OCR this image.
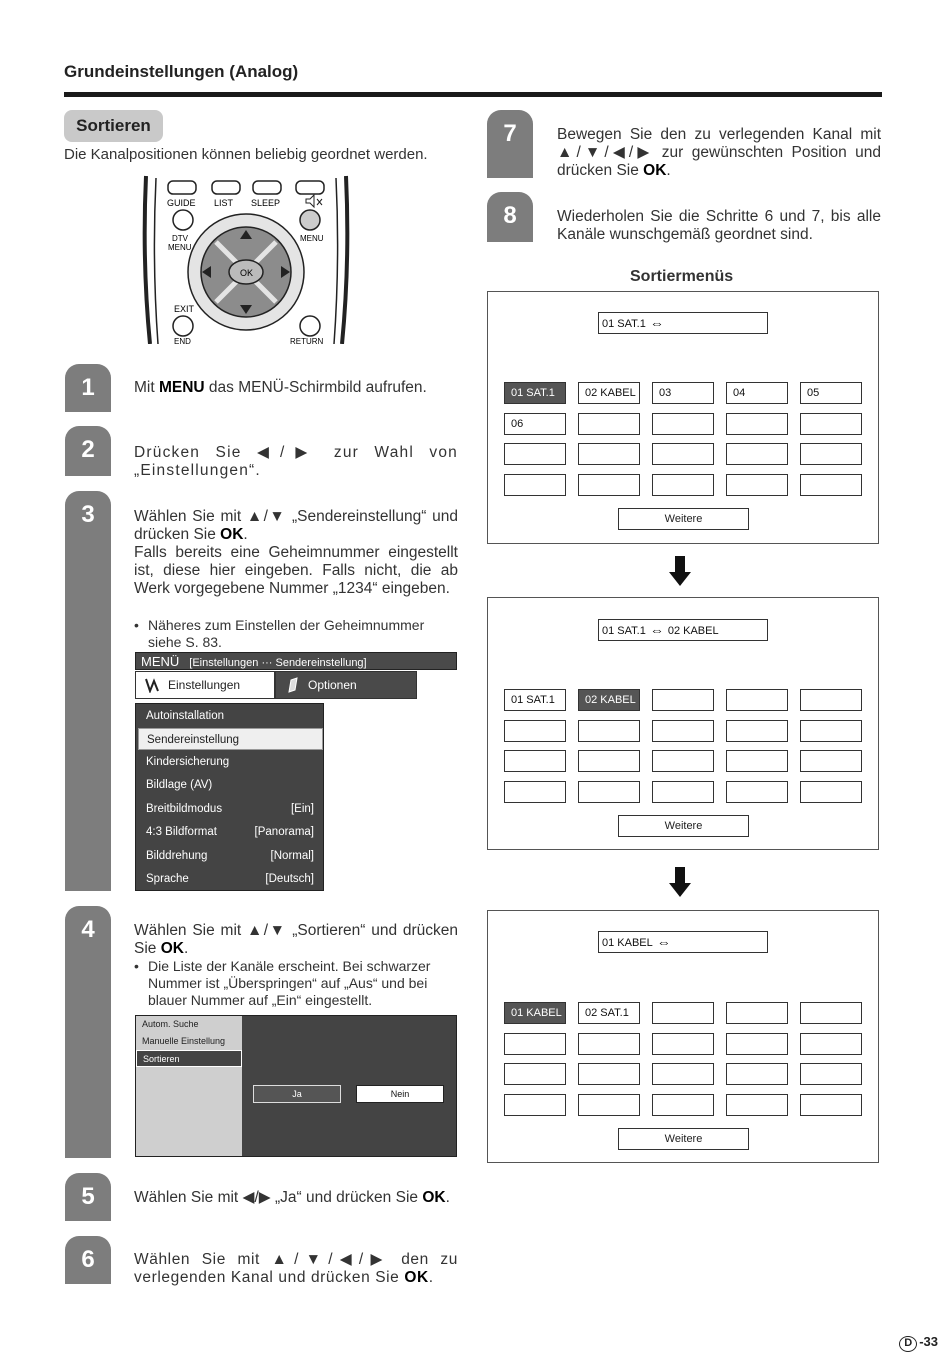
Grundeinstellungen (Analog)
Sortieren
Die Kanalpositionen können beliebig geordnet werden.
GUIDE LIST SLEEP
DTV
MENU
MENU
OK
EXIT
END	RETURN
1
2
3
4
5
6
Mit MENU das MENÜ-Schirmbild aufrufen.
Drücken Sie ◀/▶ zur Wahl von „Einstellungen“.
Wählen Sie mit ▲/▼ „Sendereinstellung“ und drücken Sie OK.
Falls bereits eine Geheimnummer eingestellt ist, diese hier eingeben. Falls nicht, die ab Werk vorgegebene Nummer „1234“ eingeben.
• Näheres zum Einstellen der Geheimnummer siehe S. 83.
MENÜ [Einstellungen ··· Sendereinstellung]
Einstellungen	Optionen
Autoinstallation
Sendereinstellung
Kindersicherung
Bildlage (AV)
Breitbildmodus	[Ein]
4:3 Bildformat	[Panorama]
Bilddrehung	[Normal]
Sprache	[Deutsch]
Wählen Sie mit ▲/▼ „Sortieren“ und drücken Sie OK.
• Die Liste der Kanäle erscheint. Bei schwarzer Nummer ist „Überspringen“ auf „Aus“ und bei blauer Nummer auf „Ein“ eingestellt.
Autom. Suche
Manuelle Einstellung
Sortieren
Ja	Nein
Wählen Sie mit ◀/▶ „Ja“ und drücken Sie OK.
Wählen Sie mit ▲/▼/◀/▶ den zu verlegenden Kanal und drücken Sie OK.
7	Bewegen Sie den zu verlegenden Kanal mit ▲/▼/◀/▶ zur gewünschten Position und drücken Sie OK.
8	Wiederholen Sie die Schritte 6 und 7, bis alle Kanäle wunschgemäß geordnet sind.
Sortiermenüs
01 SAT.1 ⇔
01 SAT.1 ⇔ 02 KABEL
01 KABEL ⇔
01 SAT.1	02 KABEL	03	04	05
06
Weitere
01 SAT.1	02 KABEL
Weitere
01 KABEL	02 SAT.1
Weitere
D -33
